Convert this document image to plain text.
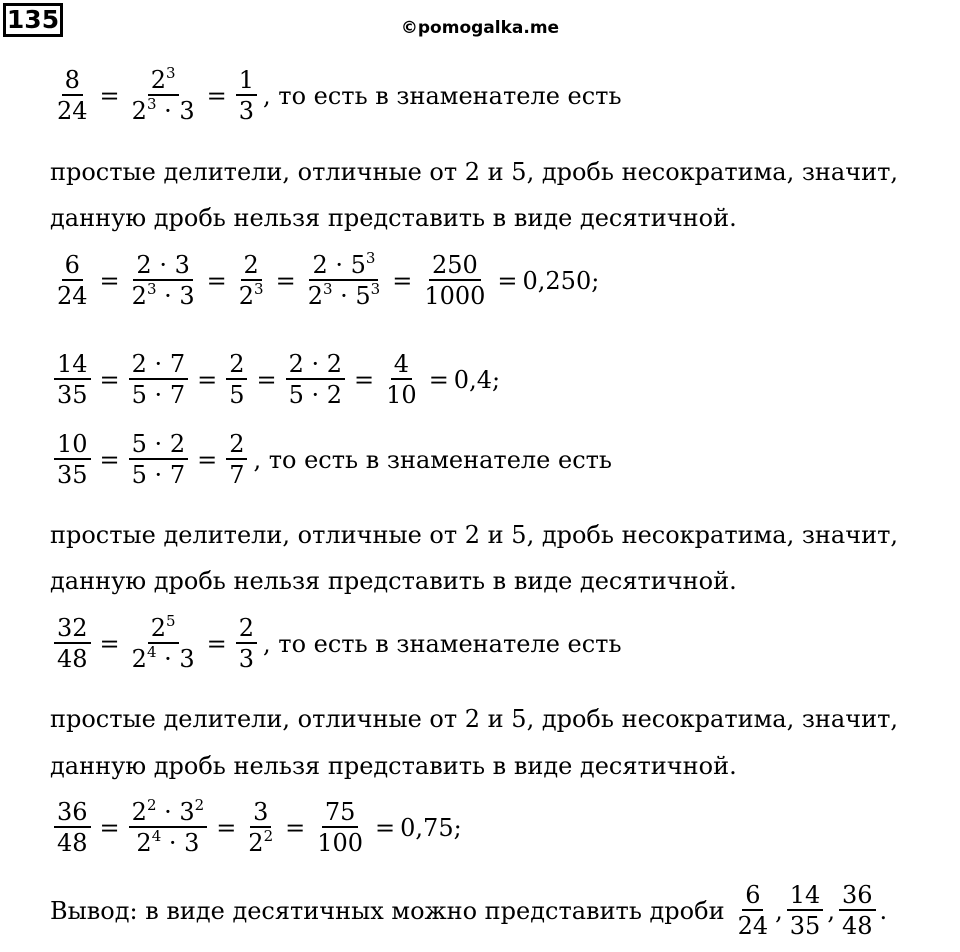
135	©pomogalka.me
$\frac{8}{24} = \frac{2^3}{2^3 \cdot 3} = \frac{1}{3}$ , то есть в знаменателе есть
простые делители, отличные от 2 и 5, дробь несократима, значит,
данную дробь нельзя представить в виде десятичной.
$\frac{6}{24} = \frac{2 \cdot 3}{2^3 \cdot 3} = \frac{2}{2^3} = \frac{2 \cdot 5^3}{2^3 \cdot 5^3} = \frac{250}{1000} = 0,250$;
$\frac{14}{35} = \frac{2 \cdot 7}{5 \cdot 7} = \frac{2}{5} = \frac{2 \cdot 2}{5 \cdot 2} = \frac{4}{10} = 0,4$;
$\frac{10}{35} = \frac{5 \cdot 2}{5 \cdot 7} = \frac{2}{7}$ , то есть в знаменателе есть
простые делители, отличные от 2 и 5, дробь несократима, значит,
данную дробь нельзя представить в виде десятичной.
$\frac{32}{48} = \frac{2^5}{2^4 \cdot 3} = \frac{2}{3}$ , то есть в знаменателе есть
простые делители, отличные от 2 и 5, дробь несократима, значит,
данную дробь нельзя представить в виде десятичной.
$\frac{36}{48} = \frac{2^2 \cdot 3^2}{2^4 \cdot 3} = \frac{3}{2^2} = \frac{75}{100} = 0,75$;
Вывод: в виде десятичных можно представить дроби $\frac{6}{24}$ , $\frac{14}{35}$ , $\frac{36}{48}$ .
